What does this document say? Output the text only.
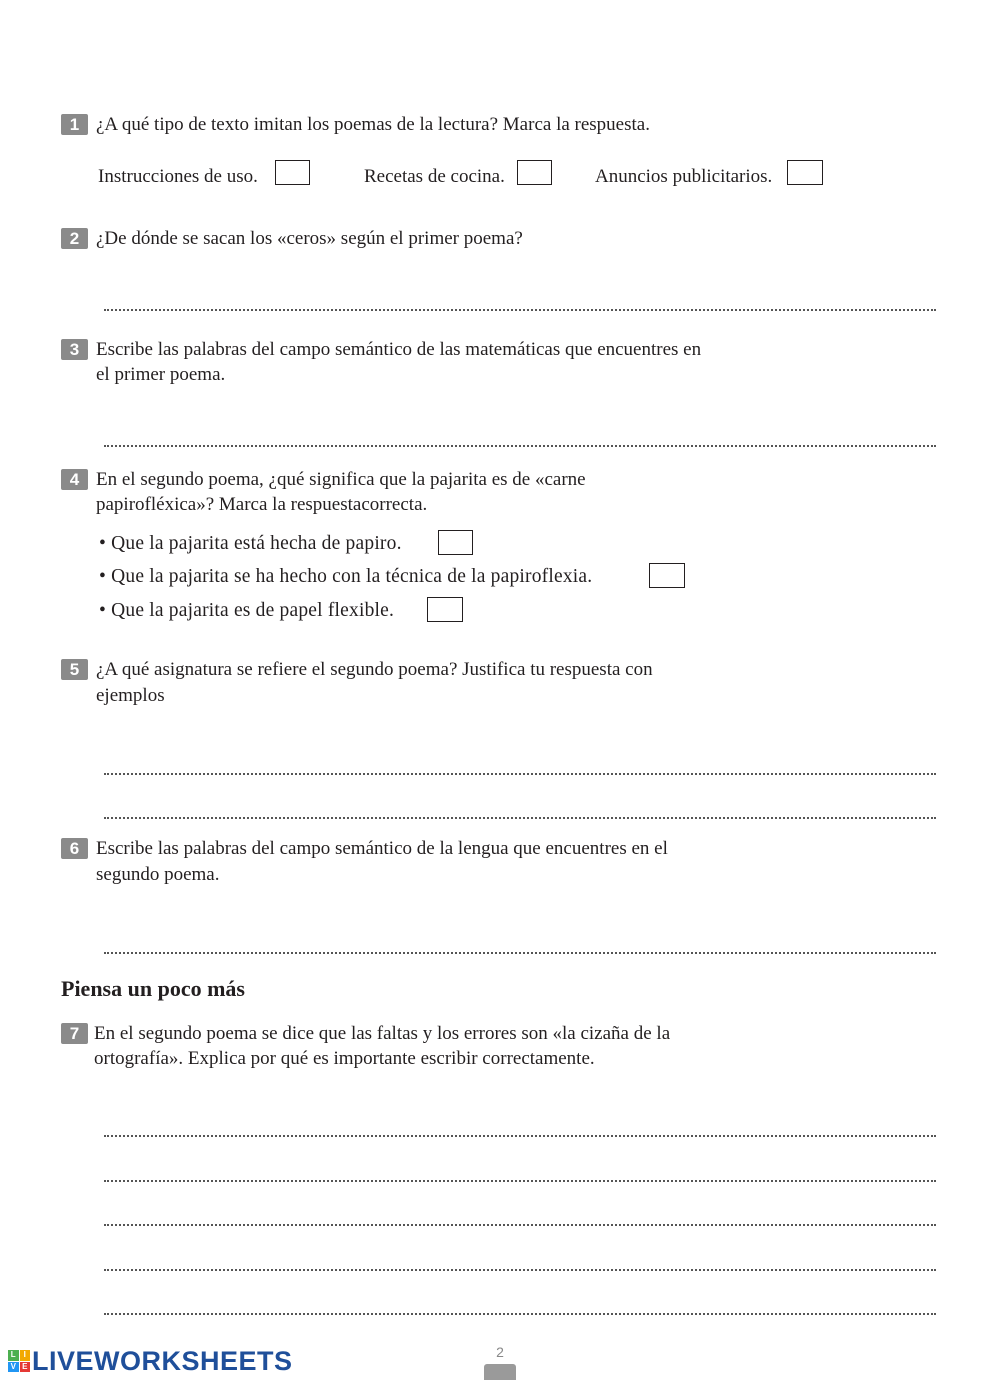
1 ¿A qué tipo de texto imitan los poemas de la lectura? Marca la respuesta.
Instrucciones de uso.	Recetas de cocina.	Anuncios publicitarios.
2 ¿De dónde se sacan los «ceros» según el primer poema?
3 Escribe las palabras del campo semántico de las matemáticas que encuentres en
el primer poema.
4 En el segundo poema, ¿qué significa que la pajarita es de «carne
papirofléxica»? Marca la respuestacorrecta.
• Que la pajarita está hecha de papiro.
• Que la pajarita se ha hecho con la técnica de la papiroflexia.
• Que la pajarita es de papel flexible.
5 ¿A qué asignatura se refiere el segundo poema? Justifica tu respuesta con
ejemplos
6 Escribe las palabras del campo semántico de la lengua que encuentres en el
segundo poema.
Piensa un poco más
7 En el segundo poema se dice que las faltas y los errores son «la cizaña de la
ortografía». Explica por qué es importante escribir correctamente.
L I
V E LIVEWORKSHEETS	2
